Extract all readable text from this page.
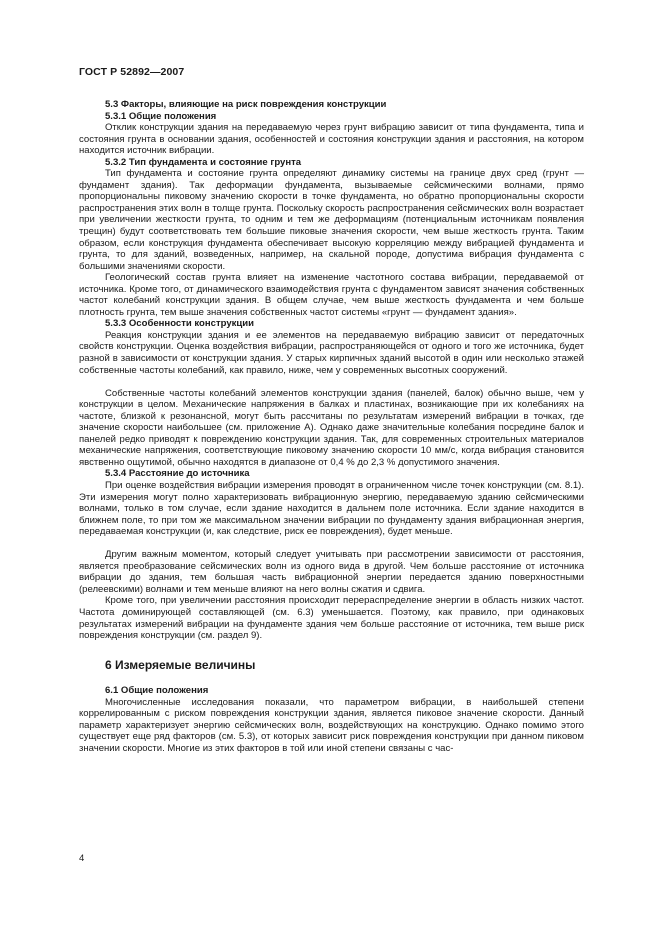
ГОСТ Р 52892—2007
5.3 Факторы, влияющие на риск повреждения конструкции
5.3.1 Общие положения

Отклик конструкции здания на передаваемую через грунт вибрацию зависит от типа фундамента, типа и состояния грунта в основании здания, особенностей и состояния конструкции здания и расстояния, на котором находится источник вибрации.

5.3.2 Тип фундамента и состояние грунта

Тип фундамента и состояние грунта определяют динамику системы на границе двух сред (грунт — фундамент здания). Так деформации фундамента, вызываемые сейсмическими волнами, прямо пропорциональны пиковому значению скорости в точке фундамента, но обратно пропорциональны скорости распространения этих волн в толще грунта. Поскольку скорость распространения сейсмических волн возрастает при увеличении жесткости грунта, то одним и тем же деформациям (потенциальным источникам появления трещин) будут соответствовать тем большие пиковые значения скорости, чем выше жесткость грунта. Таким образом, если конструкция фундамента обеспечивает высокую корреляцию между вибрацией фундамента и грунта, то для зданий, возведенных, например, на скальной породе, допустима вибрация фундамента с большими значениями скорости.

Геологический состав грунта влияет на изменение частотного состава вибрации, передаваемой от источника. Кроме того, от динамического взаимодействия грунта с фундаментом зависят значения собственных частот колебаний конструкции здания. В общем случае, чем выше жесткость фундамента и чем больше плотность грунта, тем выше значения собственных частот системы «грунт — фундамент здания».

5.3.3 Особенности конструкции

Реакция конструкции здания и ее элементов на передаваемую вибрацию зависит от передаточных свойств конструкции. Оценка воздействия вибрации, распространяющейся от одного и того же источника, будет разной в зависимости от конструкции здания. У старых кирпичных зданий высотой в один или несколько этажей собственные частоты колебаний, как правило, ниже, чем у современных высотных сооружений.

Собственные частоты колебаний элементов конструкции здания (панелей, балок) обычно выше, чем у конструкции в целом. Механические напряжения в балках и пластинах, возникающие при их колебаниях на частоте, близкой к резонансной, могут быть рассчитаны по результатам измерений вибрации в точках, где значение скорости наибольшее (см. приложение А). Однако даже значительные колебания посредине балок и панелей редко приводят к повреждению конструкции здания. Так, для современных строительных материалов механические напряжения, соответствующие пиковому значению скорости 10 мм/с, когда вибрация становится явственно ощутимой, обычно находятся в диапазоне от 0,4 % до 2,3 % допустимого значения.

5.3.4 Расстояние до источника

При оценке воздействия вибрации измерения проводят в ограниченном числе точек конструкции (см. 8.1). Эти измерения могут полно характеризовать вибрационную энергию, передаваемую зданию сейсмическими волнами, только в том случае, если здание находится в дальнем поле источника. Если здание находится в ближнем поле, то при том же максимальном значении вибрации по фундаменту здания вибрационная энергия, передаваемая конструкции (и, как следствие, риск ее повреждения), будет меньше.

Другим важным моментом, который следует учитывать при рассмотрении зависимости от расстояния, является преобразование сейсмических волн из одного вида в другой. Чем больше расстояние от источника вибрации до здания, тем большая часть вибрационной энергии передается зданию поверхностными (релеевскими) волнами и тем меньше влияют на него волны сжатия и сдвига.

Кроме того, при увеличении расстояния происходит перераспределение энергии в область низких частот. Частота доминирующей составляющей (см. 6.3) уменьшается. Поэтому, как правило, при одинаковых результатах измерений вибрации на фундаменте здания чем больше расстояние от источника, тем выше риск повреждения конструкции (см. раздел 9).

6 Измеряемые величины
6.1 Общие положения

Многочисленные исследования показали, что параметром вибрации, в наибольшей степени коррелированным с риском повреждения конструкции здания, является пиковое значение скорости. Данный параметр характеризует энергию сейсмических волн, воздействующих на конструкцию. Однако помимо этого существует еще ряд факторов (см. 5.3), от которых зависит риск повреждения конструкции при данном пиковом значении скорости. Многие из этих факторов в той или иной степени связаны с час-

4
